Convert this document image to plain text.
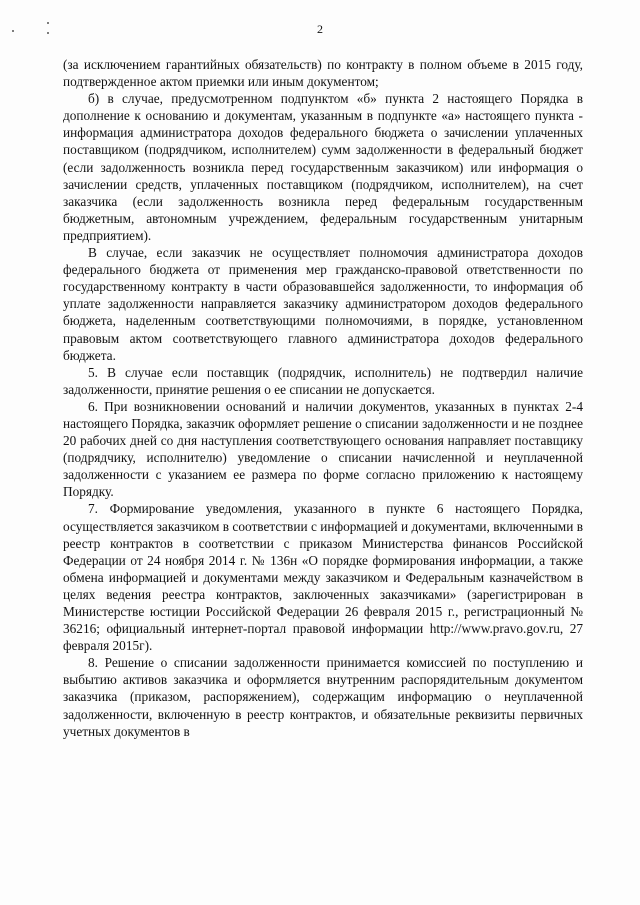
2

(за исключением гарантийных обязательств) по контракту в полном объеме в 2015 году, подтвержденное актом приемки или иным документом;

б) в случае, предусмотренном подпунктом «б» пункта 2 настоящего Порядка в дополнение к основанию и документам, указанным в подпункте «а» настоящего пункта - информация администратора доходов федерального бюджета о зачислении уплаченных поставщиком (подрядчиком, исполнителем) сумм задолженности в федеральный бюджет (если задолженность возникла перед государственным заказчиком) или информация о зачислении средств, уплаченных поставщиком (подрядчиком, исполнителем), на счет заказчика (если задолженность возникла перед федеральным государственным бюджетным, автономным учреждением, федеральным государственным унитарным предприятием).

В случае, если заказчик не осуществляет полномочия администратора доходов федерального бюджета от применения мер гражданско-правовой ответственности по государственному контракту в части образовавшейся задолженности, то информация об уплате задолженности направляется заказчику администратором доходов федерального бюджета, наделенным соответствующими полномочиями, в порядке, установленном правовым актом соответствующего главного администратора доходов федерального бюджета.

5. В случае если поставщик (подрядчик, исполнитель) не подтвердил наличие задолженности, принятие решения о ее списании не допускается.

6. При возникновении оснований и наличии документов, указанных в пунктах 2-4 настоящего Порядка, заказчик оформляет решение о списании задолженности и не позднее 20 рабочих дней со дня наступления соответствующего основания направляет поставщику (подрядчику, исполнителю) уведомление о списании начисленной и неуплаченной задолженности с указанием ее размера по форме согласно приложению к настоящему Порядку.

7. Формирование уведомления, указанного в пункте 6 настоящего Порядка, осуществляется заказчиком в соответствии с информацией и документами, включенными в реестр контрактов в соответствии с приказом Министерства финансов Российской Федерации от 24 ноября 2014 г. № 136н «О порядке формирования информации, а также обмена информацией и документами между заказчиком и Федеральным казначейством в целях ведения реестра контрактов, заключенных заказчиками» (зарегистрирован в Министерстве юстиции Российской Федерации 26 февраля 2015 г., регистрационный № 36216; официальный интернет-портал правовой информации http://www.pravo.gov.ru, 27 февраля 2015г).

8. Решение о списании задолженности принимается комиссией по поступлению и выбытию активов заказчика и оформляется внутренним распорядительным документом заказчика (приказом, распоряжением), содержащим информацию о неуплаченной задолженности, включенную в реестр контрактов, и обязательные реквизиты первичных учетных документов в
